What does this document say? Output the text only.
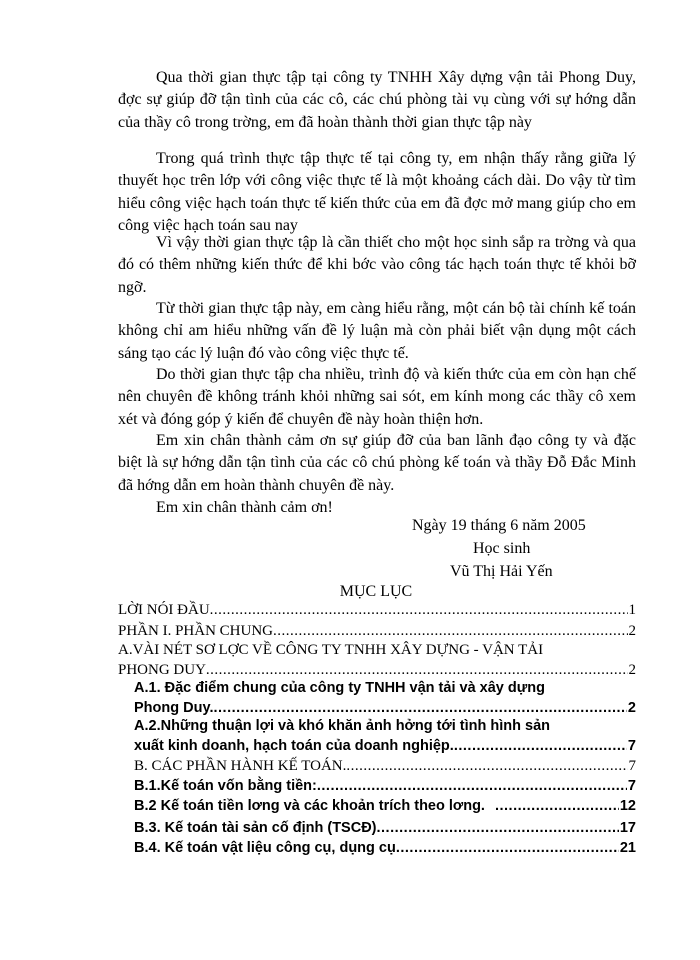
Qua thời gian thực tập tại công ty TNHH Xây dựng vận tải Phong Duy, đợc sự giúp đỡ tận tình của các cô, các chú phòng tài vụ cùng với sự hớng dẫn của thầy cô trong trờng, em đã hoàn thành thời gian thực tập này

Trong quá trình thực tập thực tế tại công ty, em nhận thấy rằng giữa lý thuyết học trên lớp với công việc thực tế là một khoảng cách dài. Do vậy từ tìm hiểu công việc hạch toán thực tế kiến thức của em đã đợc mở mang giúp cho em công việc hạch toán sau nay

Vì vậy thời gian thực tập là cần thiết cho một học sinh sắp ra trờng và qua đó có thêm những kiến thức để khi bớc vào công tác hạch toán thực tế khỏi bỡ ngỡ.

Từ thời gian thực tập này, em càng hiểu rằng, một cán bộ tài chính kế toán không chỉ am hiểu những vấn đề lý luận mà còn phải biết vận dụng một cách sáng tạo các lý luận đó vào công việc thực tế.

Do thời gian thực tập cha nhiều, trình độ và kiến thức của em còn hạn chế nên chuyên đề không tránh khỏi những sai sót, em kính mong các thầy cô xem xét và đóng góp ý kiến để chuyên đề này hoàn thiện hơn.

Em xin chân thành cảm ơn sự giúp đỡ của ban lãnh đạo công ty và đặc biệt là sự hớng dẫn tận tình của các cô chú phòng kế toán và thầy Đỗ Đắc Minh đã hớng dẫn em hoàn thành chuyên đề này.

Em xin chân thành cảm ơn!

Ngày 19 tháng 6 năm 2005

Học sinh

Vũ Thị Hải Yến

MỤC LỤC

LỜI NÓI ĐẦU .....	1
PHẦN I. PHẦN CHUNG .....	2
A.VÀI NÉT SƠ LỢC VỀ CÔNG TY TNHH XÂY DỰNG - VẬN TẢI
PHONG DUY .....	2
A.1. Đặc điểm chung của công ty TNHH vận tải và xây dựng
Phong Duy. .....	2
A.2.Những thuận lợi và khó khăn ảnh hởng tới tình hình sản
xuất kinh doanh, hạch toán của doanh nghiệp. .....	7
B. CÁC PHẦN HÀNH KẾ TOÁN. .....	7
B.1.Kế toán vốn bằng tiền: .....	7
B.2 Kế toán tiền lơng và các khoản trích theo lơng. .....	12
B.3. Kế toán tài sản cố định (TSCĐ) .....	17
B.4. Kế toán vật liệu công cụ, dụng cụ .....	21
